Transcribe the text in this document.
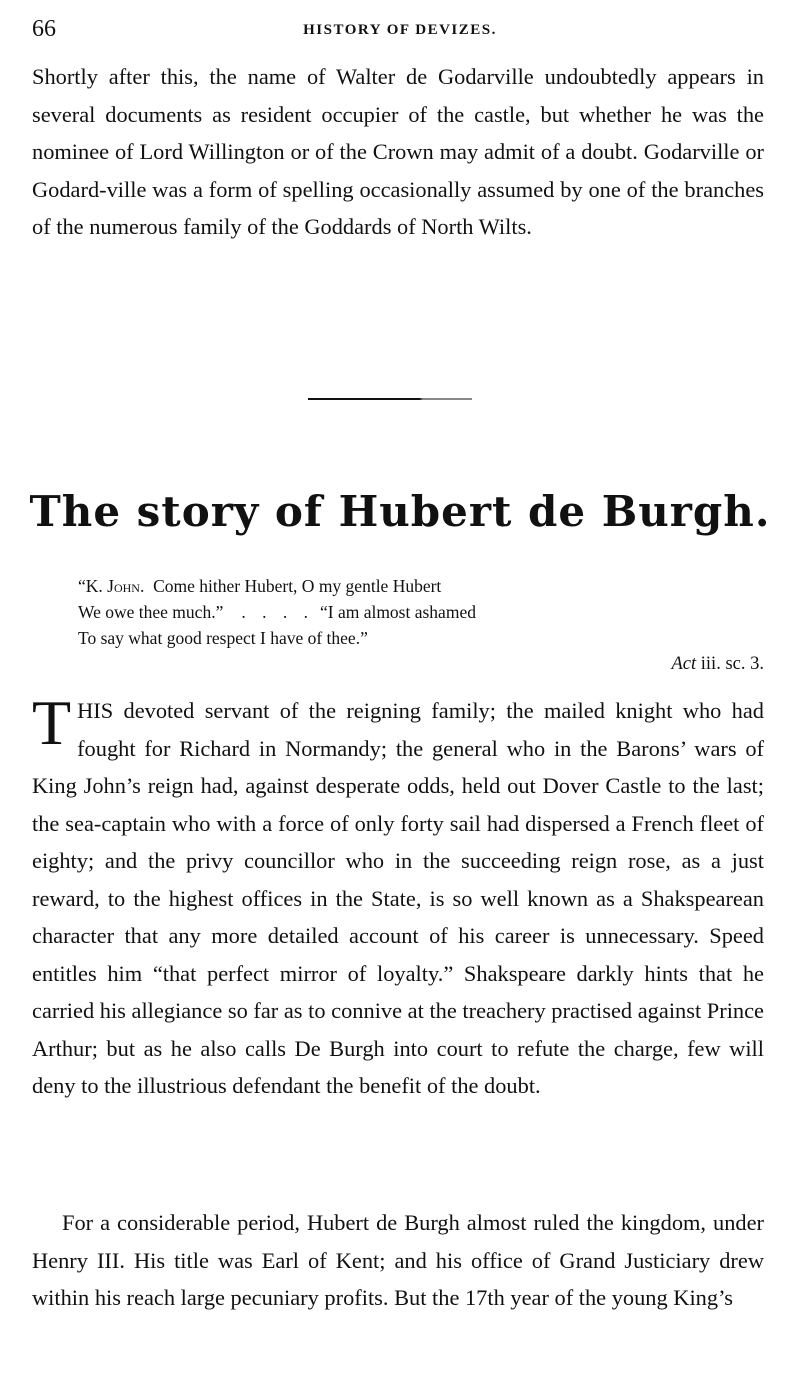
66	HISTORY OF DEVIZES.

Shortly after this, the name of Walter de Godarville undoubtedly appears in several documents as resident occupier of the castle, but whether he was the nominee of Lord Willington or of the Crown may admit of a doubt. Godarville or Godard-ville was a form of spelling occasionally assumed by one of the branches of the numerous family of the Goddards of North Wilts.

The story of Hubert de Burgh.
“K. John. Come hither Hubert, O my gentle Hubert
We owe thee much.” . . . . “I am almost ashamed
To say what good respect I have of thee.”
Act iii. sc. 3.

THIS devoted servant of the reigning family; the mailed knight who had fought for Richard in Normandy; the general who in the Barons’ wars of King John’s reign had, against desperate odds, held out Dover Castle to the last; the sea-captain who with a force of only forty sail had dispersed a French fleet of eighty; and the privy councillor who in the succeeding reign rose, as a just reward, to the highest offices in the State, is so well known as a Shakspearean character that any more detailed account of his career is unnecessary. Speed entitles him “that perfect mirror of loyalty.” Shakspeare darkly hints that he carried his allegiance so far as to connive at the treachery practised against Prince Arthur; but as he also calls De Burgh into court to refute the charge, few will deny to the illustrious defendant the benefit of the doubt.

For a considerable period, Hubert de Burgh almost ruled the kingdom, under Henry III. His title was Earl of Kent; and his office of Grand Justiciary drew within his reach large pecuniary profits. But the 17th year of the young King’s
